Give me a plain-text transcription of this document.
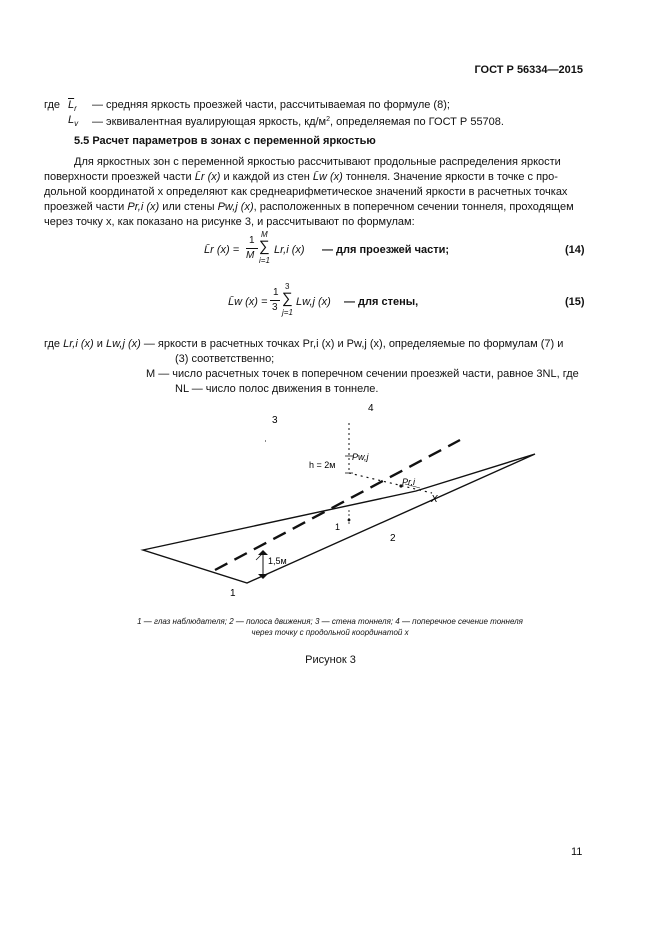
ГОСТ Р 56334—2015
где $\overline{L}_r$ — средняя яркость проезжей части, рассчитываемая по формуле (8);
$L_v$ — эквивалентная вуалирующая яркость, $кд/м^2$, определяемая по ГОСТ Р 55708.
5.5 Расчет параметров в зонах с переменной яркостью

Для яркостных зон с переменной яркостью рассчитывают продольные распределения яркости

поверхности проезжей части L̄r (x) и каждой из стен L̄w (x) тоннеля. Значение яркости в точке с про-
дольной координатой x определяют как среднеарифметическое значений яркости в расчетных точках
проезжей части Pr,i (x) или стены Pw,j (x), расположенных в поперечном сечении тоннеля, проходящем
через точку x, как показано на рисунке 3, и рассчитывают по формулам:
L̄r (x) =
1
M
M
∑
i=1
Lr,i (x) — для проезжей части;	(14)
L̄w (x) =
1
3
3
∑
j=1
Lw,j (x) — для стены,	(15)
где Lr,i (x) и Lw,j (x) — яркости в расчетных точках Pr,i (x) и Pw,j (x), определяемые по формулам (7) и
(3) соответственно;
M — число расчетных точек в поперечном сечении проезжей части, равное 3NL, где
NL — число полос движения в тоннеле.
3
4
h = 2м
Pw,j
Pr,i
X
1
2
1,5м
1
1 — глаз наблюдателя; 2 — полоса движения; 3 — стена тоннеля; 4 — поперечное сечение тоннеля
через точку с продольной координатой x
Рисунок 3
11
